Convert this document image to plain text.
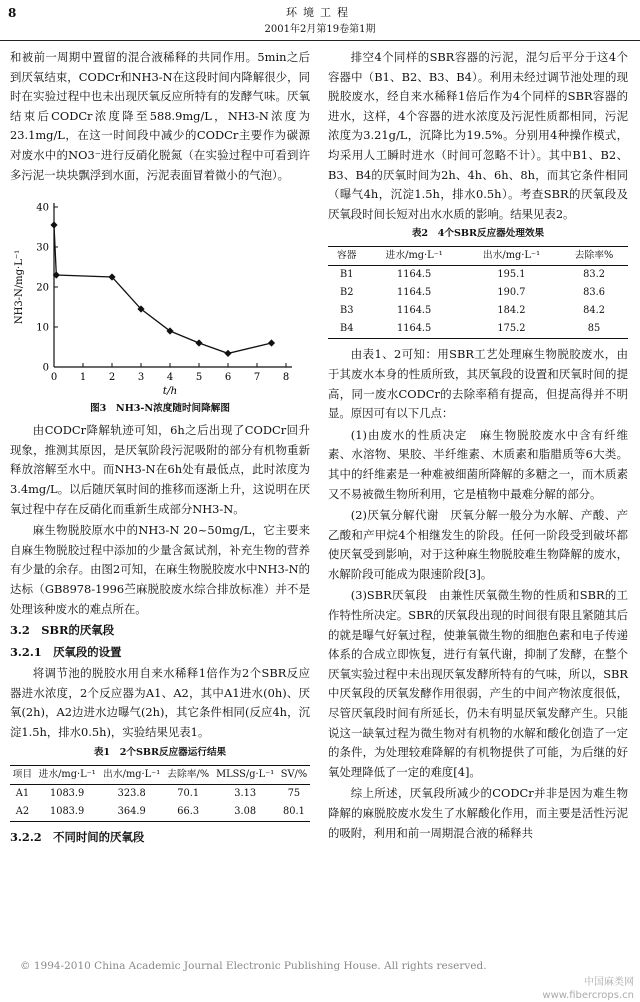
8	环境工程
2001年2月第19卷第1期

和被前一周期中置留的混合液稀释的共同作用。5min之后到厌氧结束，CODCr和NH3-N在这段时间内降解很少，同时在实验过程中也未出现厌氧反应所特有的发酵气味。厌氧结束后CODCr浓度降至588.9mg/L，NH3-N浓度为23.1mg/L，在这一时间段中减少的CODCr主要作为碳源对废水中的NO3⁻进行反硝化脱氮（在实验过程中可看到许多污泥一块块飘浮到水面，污泥表面冒着微小的气泡）。

0 1 2 3 4 5 6 7 8
0
10
20
30
40
t/h
NH3-N/mg·L⁻¹
图3　NH3-N浓度随时间降解图

由CODCr降解轨迹可知，6h之后出现了CODCr回升现象，推测其原因，是厌氧阶段污泥吸附的部分有机物重新释放溶解至水中。而NH3-N在6h处有最低点，此时浓度为3.4mg/L。以后随厌氧时间的推移而逐渐上升，这说明在厌氧过程中存在反硝化而重新生成部分NH3-N。

麻生物脱胶原水中的NH3-N 20~50mg/L，它主要来自麻生物脱胶过程中添加的少量含氮试剂，补充生物的营养有少量的余存。由图2可知，在麻生物脱胶废水中NH3-N的达标（GB8978-1996苎麻脱胶废水综合排放标准）并不是处理该种废水的难点所在。

3.2　SBR的厌氧段
3.2.1　厌氧段的设置

将调节池的脱胶水用自来水稀释1倍作为2个SBR反应器进水浓度，2个反应器为A1、A2，其中A1进水(0h)、厌氧(2h)，A2边进水边曝气(2h)，其它条件相同(反应4h，沉淀1.5h，排水0.5h)，实验结果见表1。

表1　2个SBR反应器运行结果
项目	进水/mg·L⁻¹	出水/mg·L⁻¹	去除率/%	MLSS/g·L⁻¹	SV/%
A1	1083.9	323.8	70.1	3.13	75
A2	1083.9	364.9	66.3	3.08	80.1
3.2.2　不同时间的厌氧段

排空4个同样的SBR容器的污泥，混匀后平分于这4个容器中（B1、B2、B3、B4）。利用未经过调节池处理的现脱胶废水，经自来水稀释1倍后作为4个同样的SBR容器的进水，这样，4个容器的进水浓度及污泥性质都相同，污泥浓度为3.21g/L，沉降比为19.5%。分别用4种操作模式，均采用人工瞬时进水（时间可忽略不计）。其中B1、B2、B3、B4的厌氧时间为2h、4h、6h、8h，而其它条件相同（曝气4h，沉淀1.5h，排水0.5h）。考查SBR的厌氧段及厌氧段时间长短对出水水质的影响。结果见表2。

表2　4个SBR反应器处理效果
容器	进水/mg·L⁻¹	出水/mg·L⁻¹	去除率%
B1	1164.5	195.1	83.2
B2	1164.5	190.7	83.6
B3	1164.5	184.2	84.2
B4	1164.5	175.2	85

由表1、2可知：用SBR工艺处理麻生物脱胶废水，由于其废水本身的性质所致，其厌氧段的设置和厌氧时间的提高，同一废水CODCr的去除率稍有提高，但提高得并不明显。原因可有以下几点：

(1)由废水的性质决定　麻生物脱胶废水中含有纤维素、水溶物、果胶、半纤维素、木质素和脂腊质等6大类。其中的纤维素是一种难被细菌所降解的多糖之一，而木质素又不易被微生物所利用，它是植物中最难分解的部分。

(2)厌氧分解代谢　厌氧分解一般分为水解、产酸、产乙酸和产甲烷4个相继发生的阶段。任何一阶段受到破坏都使厌氧受到影响，对于这种麻生物脱胶难生物降解的废水，水解阶段可能成为限速阶段[3]。

(3)SBR厌氧段　由兼性厌氧微生物的性质和SBR的工作特性所决定。SBR的厌氧段出现的时间很有限且紧随其后的就是曝气好氧过程，使兼氧微生物的细胞色素和电子传递体系的合成立即恢复，进行有氧代谢，抑制了发酵，在整个厌氧实验过程中未出现厌氧发酵所特有的气味，所以，SBR中厌氧段的厌氧发酵作用很弱，产生的中间产物浓度很低，尽管厌氧段时间有所延长，仍未有明显厌氧发酵产生。只能说这一缺氧过程为微生物对有机物的水解和酸化创造了一定的条件，为处理较难降解的有机物提供了可能，为后继的好氧处理降低了一定的难度[4]。

综上所述，厌氧段所减少的CODCr并非是因为难生物降解的麻脱胶废水发生了水解酸化作用，而主要是活性污泥的吸附，利用和前一周期混合液的稀释共

© 1994-2010 China Academic Journal Electronic Publishing House. All rights reserved.
中国麻类网
www.fibercrops.cn
